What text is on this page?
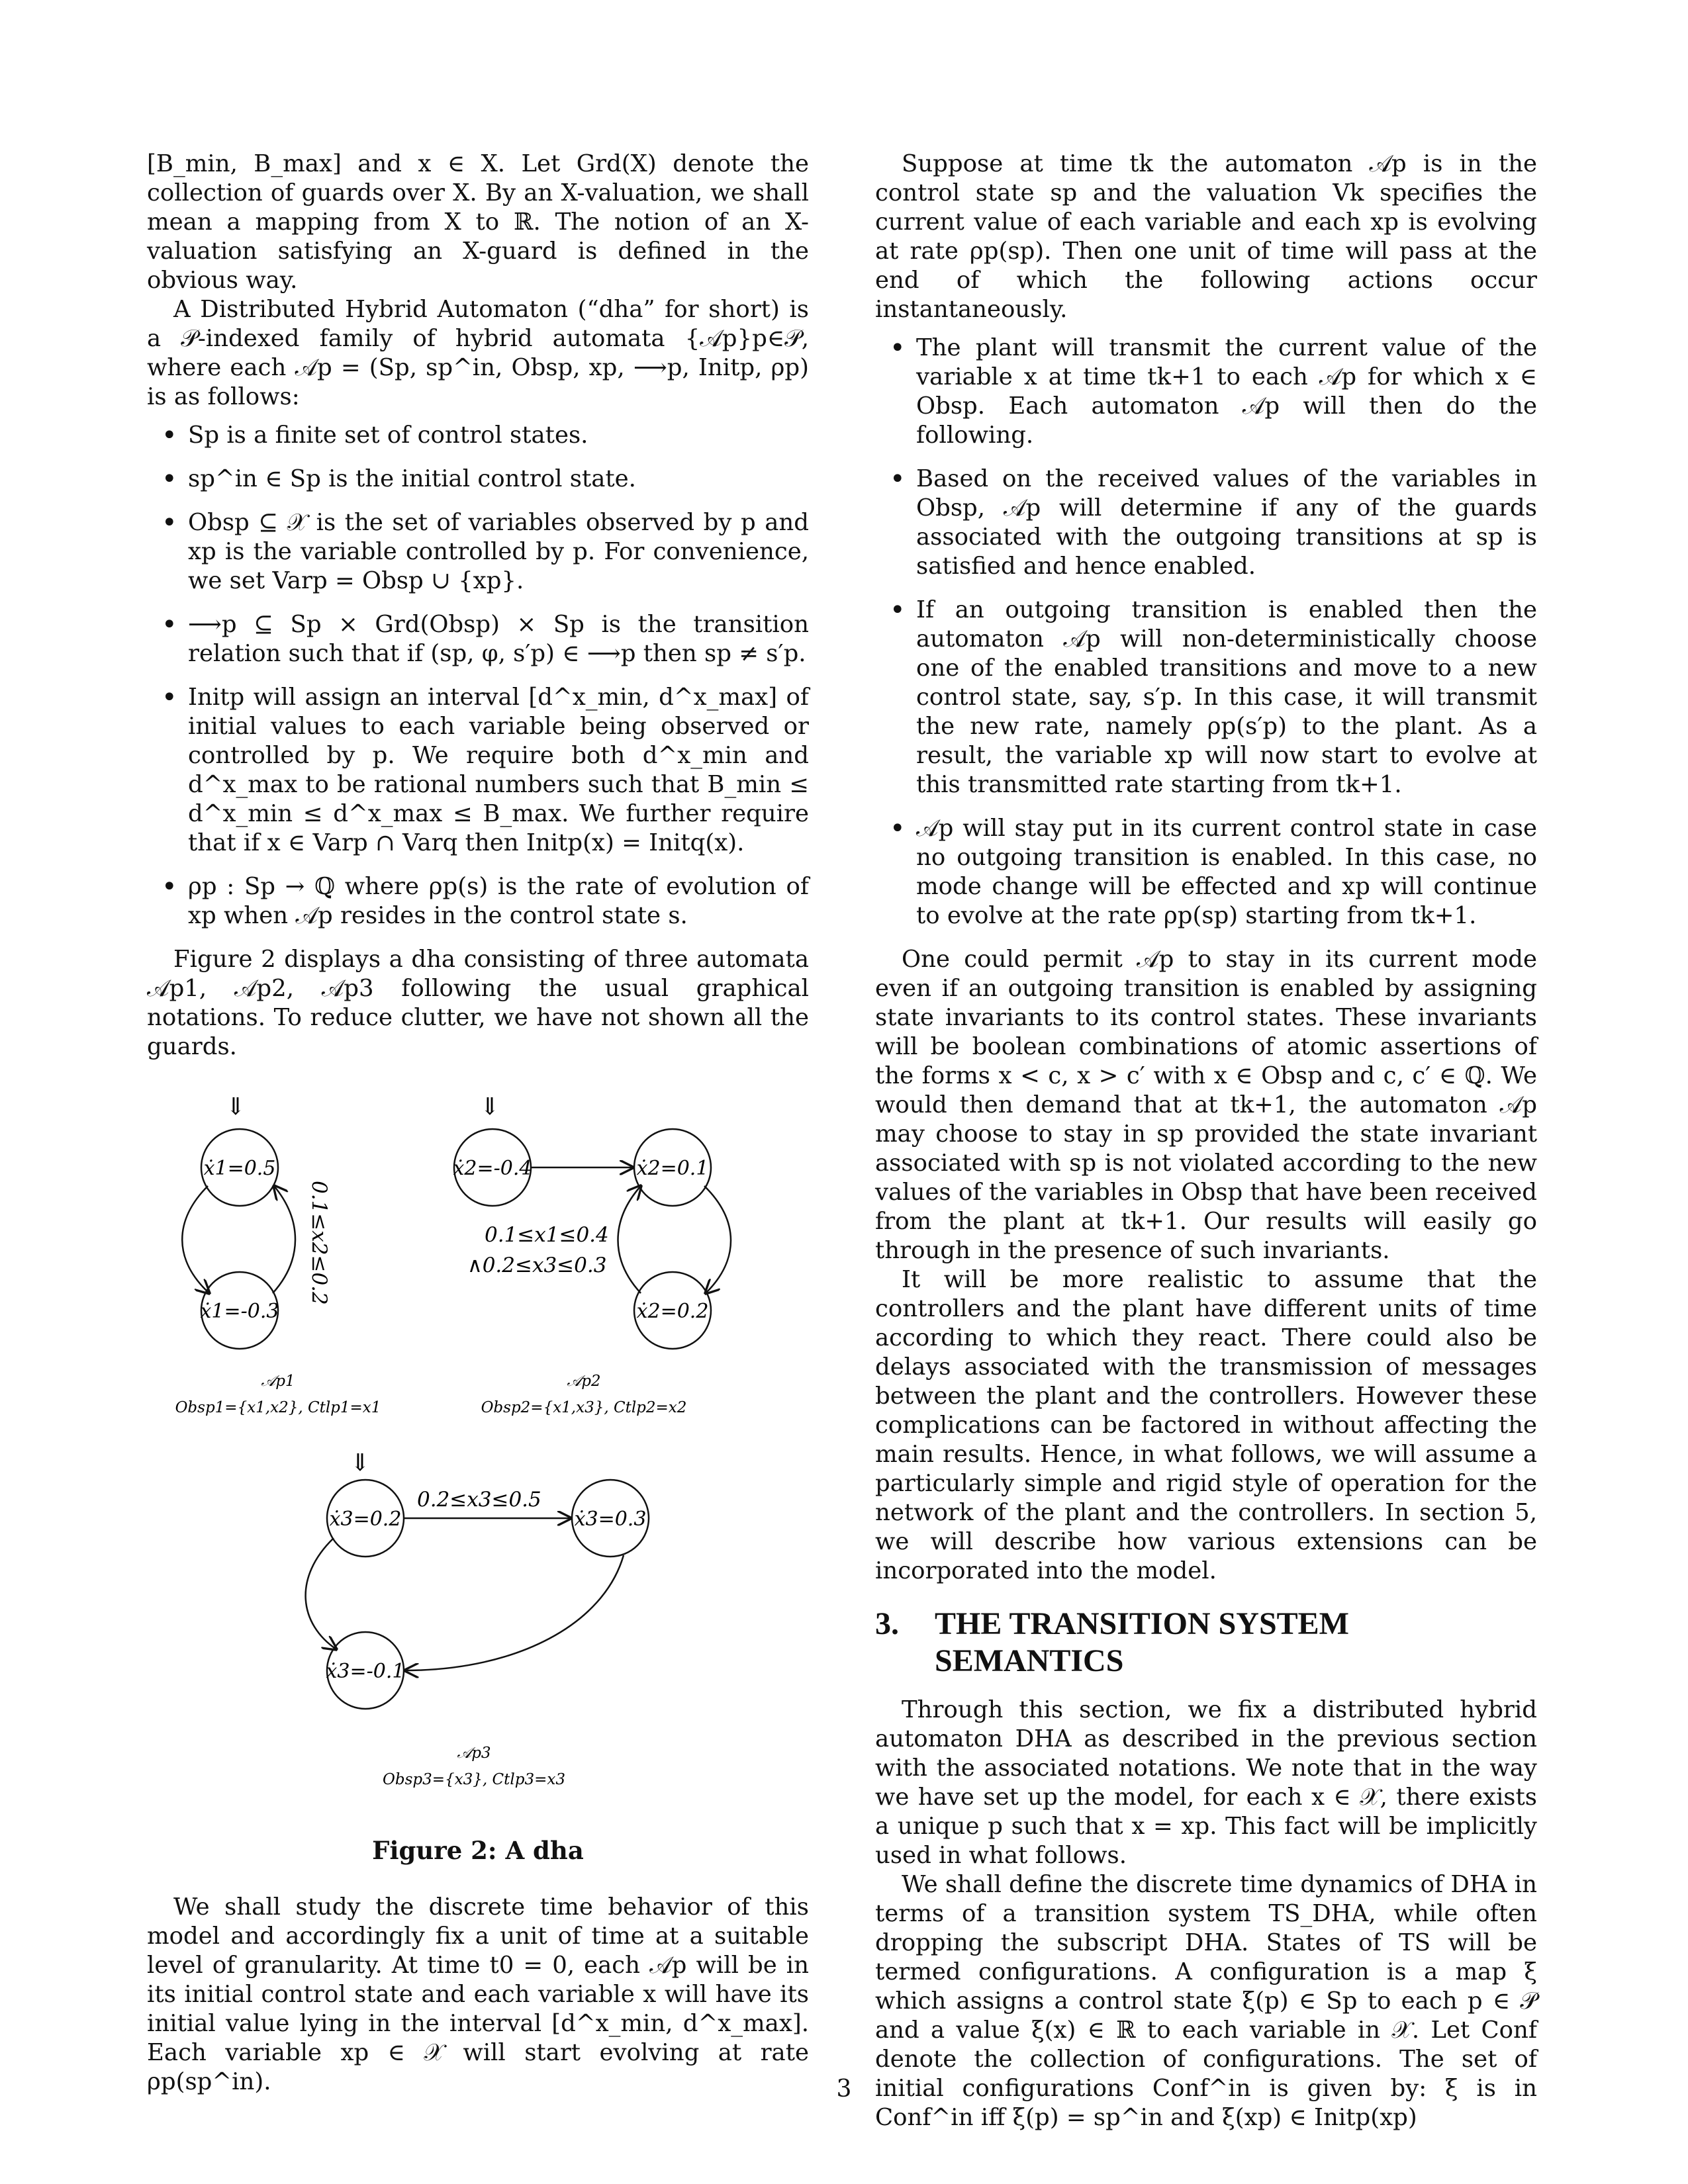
[B_min, B_max] and x ∈ X. Let Grd(X) denote the collection of guards over X. By an X-valuation, we shall mean a mapping from X to ℝ. The notion of an X-valuation satisfying an X-guard is defined in the obvious way.

A Distributed Hybrid Automaton (“dha” for short) is a 𝒫-indexed family of hybrid automata {𝒜p}p∈𝒫, where each 𝒜p = (Sp, sp^in, Obsp, xp, ⟶p, Initp, ρp) is as follows:

• Sp is a finite set of control states.
• sp^in ∈ Sp is the initial control state.
• Obsp ⊆ 𝒳 is the set of variables observed by p and xp is the variable controlled by p. For convenience, we set Varp = Obsp ∪ {xp}.
• ⟶p ⊆ Sp × Grd(Obsp) × Sp is the transition relation such that if (sp, φ, s′p) ∈ ⟶p then sp ≠ s′p.
• Initp will assign an interval [d^x_min, d^x_max] of initial values to each variable being observed or controlled by p. We require both d^x_min and d^x_max to be rational numbers such that B_min ≤ d^x_min ≤ d^x_max ≤ B_max. We further require that if x ∈ Varp ∩ Varq then Initp(x) = Initq(x).
• ρp : Sp → ℚ where ρp(s) is the rate of evolution of xp when 𝒜p resides in the control state s.

Figure 2 displays a dha consisting of three automata 𝒜p1, 𝒜p2, 𝒜p3 following the usual graphical notations. To reduce clutter, we have not shown all the guards.

⇓	⇓
⇓
ẋ1=0.5
ẋ1=-0.3
ẋ2=-0.4	ẋ2=0.1
ẋ2=0.2
ẋ3=0.2	ẋ3=0.3
ẋ3=-0.1
0.1≤x2≤0.2	0.1≤x1≤0.4
∧0.2≤x3≤0.3
0.2≤x3≤0.5
𝒜p1
Obsp1={x1,x2}, Ctlp1=x1
𝒜p2
Obsp2={x1,x3}, Ctlp2=x2
𝒜p3
Obsp3={x3}, Ctlp3=x3
Figure 2: A dha

We shall study the discrete time behavior of this model and accordingly fix a unit of time at a suitable level of granularity. At time t0 = 0, each 𝒜p will be in its initial control state and each variable x will have its initial value lying in the interval [d^x_min, d^x_max]. Each variable xp ∈ 𝒳 will start evolving at rate ρp(sp^in).

Suppose at time tk the automaton 𝒜p is in the control state sp and the valuation Vk specifies the current value of each variable and each xp is evolving at rate ρp(sp). Then one unit of time will pass at the end of which the following actions occur instantaneously.

• The plant will transmit the current value of the variable x at time tk+1 to each 𝒜p for which x ∈ Obsp. Each automaton 𝒜p will then do the following.
• Based on the received values of the variables in Obsp, 𝒜p will determine if any of the guards associated with the outgoing transitions at sp is satisfied and hence enabled.
• If an outgoing transition is enabled then the automaton 𝒜p will non-deterministically choose one of the enabled transitions and move to a new control state, say, s′p. In this case, it will transmit the new rate, namely ρp(s′p) to the plant. As a result, the variable xp will now start to evolve at this transmitted rate starting from tk+1.
• 𝒜p will stay put in its current control state in case no outgoing transition is enabled. In this case, no mode change will be effected and xp will continue to evolve at the rate ρp(sp) starting from tk+1.

One could permit 𝒜p to stay in its current mode even if an outgoing transition is enabled by assigning state invariants to its control states. These invariants will be boolean combinations of atomic assertions of the forms x < c, x > c′ with x ∈ Obsp and c, c′ ∈ ℚ. We would then demand that at tk+1, the automaton 𝒜p may choose to stay in sp provided the state invariant associated with sp is not violated according to the new values of the variables in Obsp that have been received from the plant at tk+1. Our results will easily go through in the presence of such invariants.

It will be more realistic to assume that the controllers and the plant have different units of time according to which they react. There could also be delays associated with the transmission of messages between the plant and the controllers. However these complications can be factored in without affecting the main results. Hence, in what follows, we will assume a particularly simple and rigid style of operation for the network of the plant and the controllers. In section 5, we will describe how various extensions can be incorporated into the model.

3.	THE TRANSITION SYSTEM SEMANTICS

Through this section, we fix a distributed hybrid automaton DHA as described in the previous section with the associated notations. We note that in the way we have set up the model, for each x ∈ 𝒳, there exists a unique p such that x = xp. This fact will be implicitly used in what follows.

We shall define the discrete time dynamics of DHA in terms of a transition system TS_DHA, while often dropping the subscript DHA. States of TS will be termed configurations. A configuration is a map ξ which assigns a control state ξ(p) ∈ Sp to each p ∈ 𝒫 and a value ξ(x) ∈ ℝ to each variable in 𝒳. Let Conf denote the collection of configurations. The set of initial configurations Conf^in is given by: ξ is in Conf^in iff ξ(p) = sp^in and ξ(xp) ∈ Initp(xp)

3
